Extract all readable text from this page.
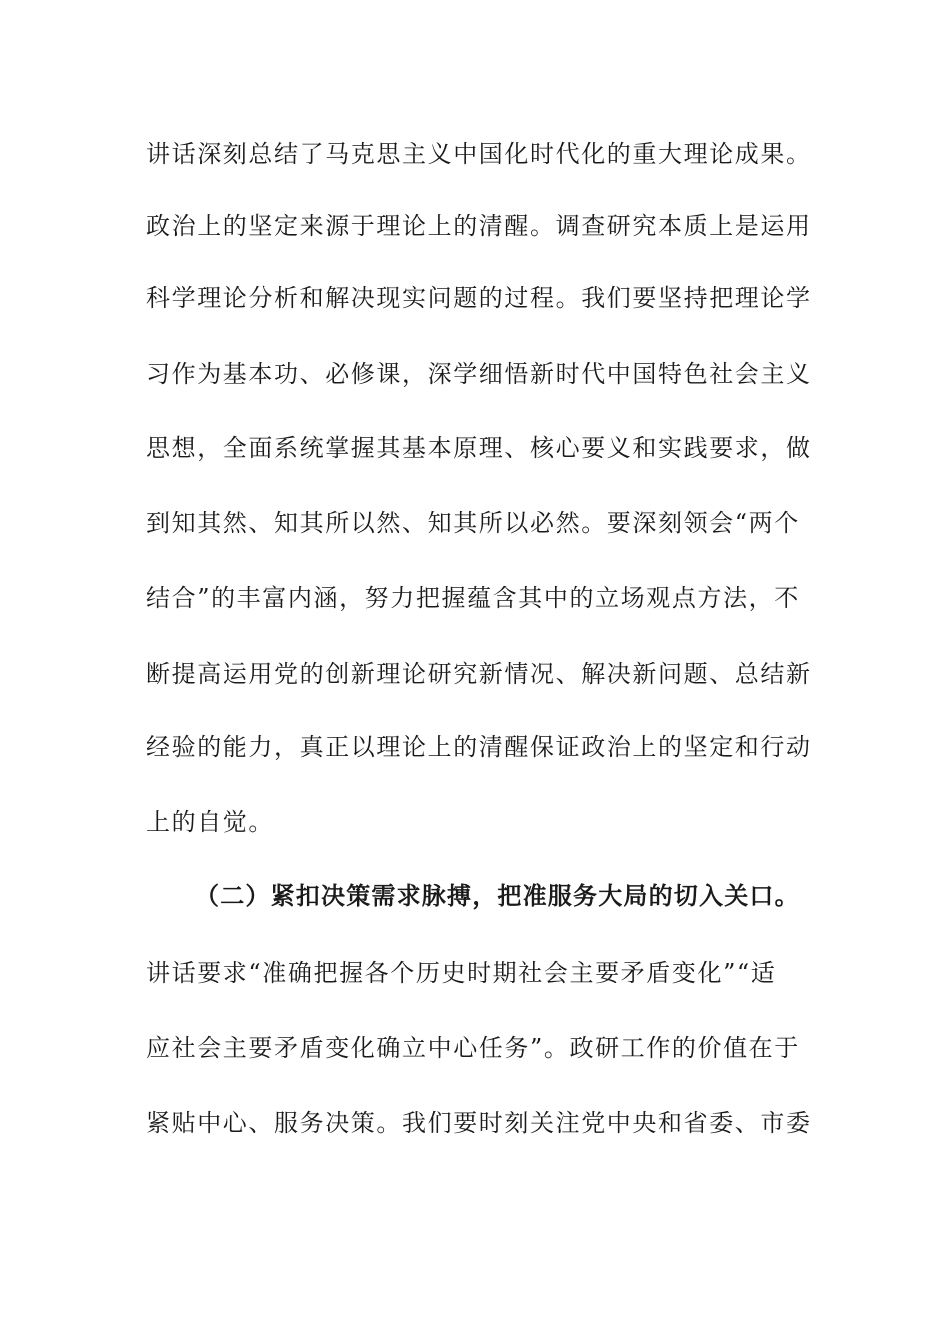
讲话深刻总结了马克思主义中国化时代化的重大理论成果。
政治上的坚定来源于理论上的清醒。调查研究本质上是运用
科学理论分析和解决现实问题的过程。我们要坚持把理论学
习作为基本功、必修课，深学细悟新时代中国特色社会主义
思想，全面系统掌握其基本原理、核心要义和实践要求，做
到知其然、知其所以然、知其所以必然。要深刻领会“两个
结合”的丰富内涵，努力把握蕴含其中的立场观点方法，不
断提高运用党的创新理论研究新情况、解决新问题、总结新
经验的能力，真正以理论上的清醒保证政治上的坚定和行动
上的自觉。
（二）紧扣决策需求脉搏，把准服务大局的切入关口。
讲话要求“准确把握各个历史时期社会主要矛盾变化”“适
应社会主要矛盾变化确立中心任务”。政研工作的价值在于
紧贴中心、服务决策。我们要时刻关注党中央和省委、市委
